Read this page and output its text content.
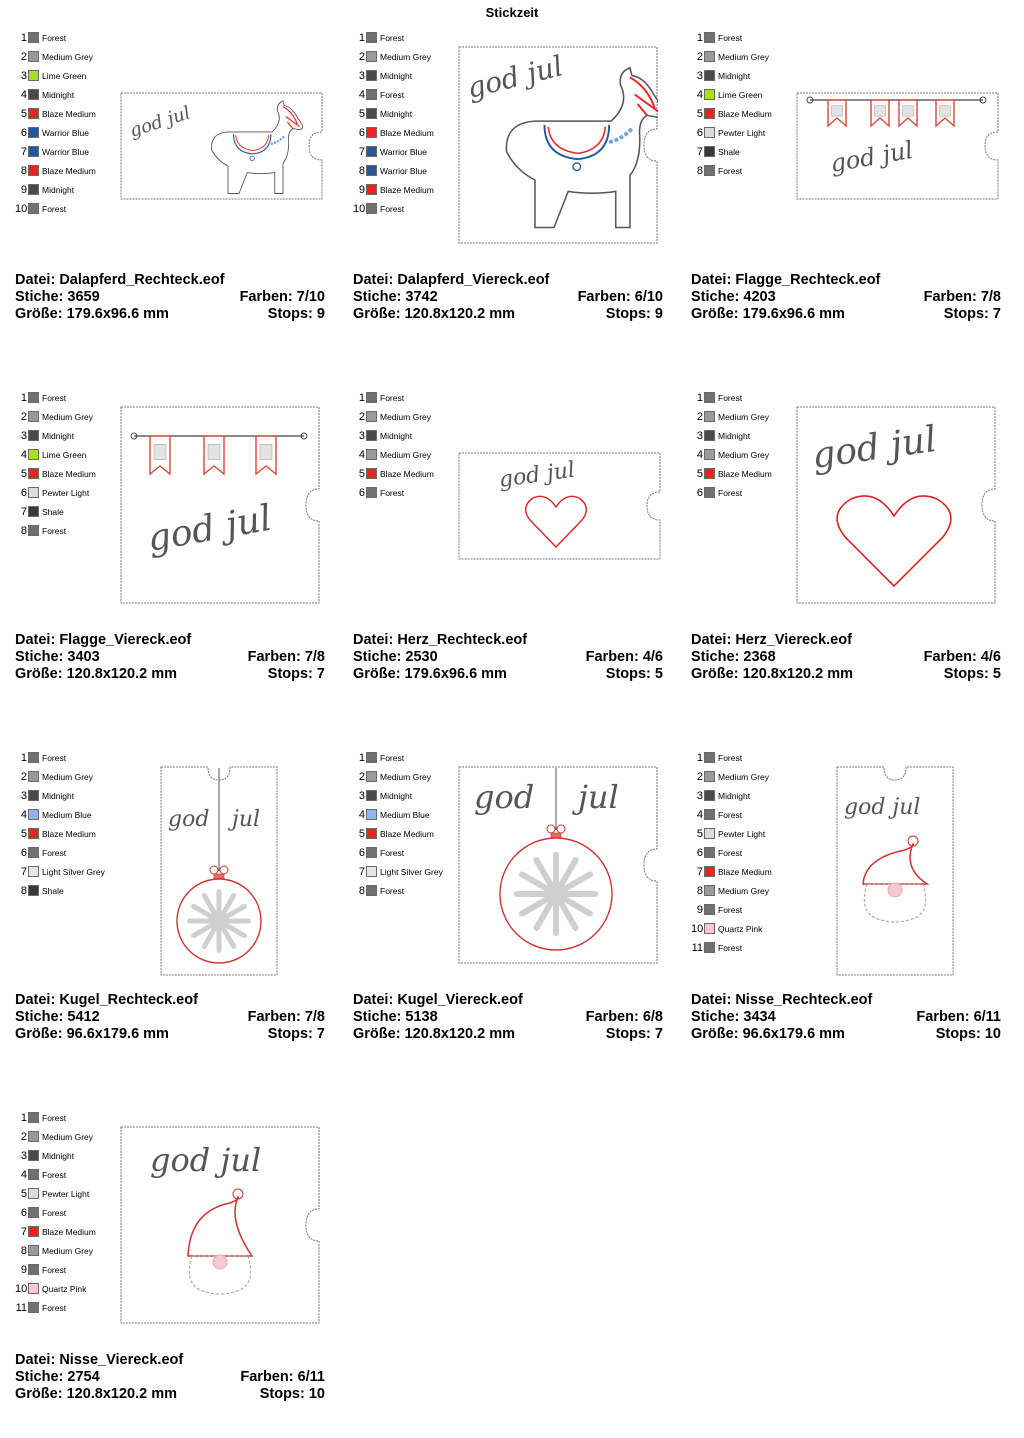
Stickzeit
1 Forest
2 Medium Grey
3 Lime Green
4 Midnight
5 Blaze Medium
6 Warrior Blue
7 Warrior Blue
8 Blaze Medium
9 Midnight
10 Forest
god jul
Datei: Dalapferd_Rechteck.eof
Stiche: 3659	Farben: 7/10
Größe: 179.6x96.6 mm	Stops: 9
1 Forest
2 Medium Grey
3 Midnight
4 Forest
5 Midnight
6 Blaze Medium
7 Warrior Blue
8 Warrior Blue
9 Blaze Medium
10 Forest
god jul
Datei: Dalapferd_Viereck.eof
Stiche: 3742	Farben: 6/10
Größe: 120.8x120.2 mm	Stops: 9
1 Forest
2 Medium Grey
3 Midnight
4 Lime Green
5 Blaze Medium
6 Pewter Light
7 Shale
8 Forest	god jul
Datei: Flagge_Rechteck.eof
Stiche: 4203	Farben: 7/8
Größe: 179.6x96.6 mm	Stops: 7
1 Forest
2 Medium Grey
3 Midnight
4 Lime Green
5 Blaze Medium
6 Pewter Light
7 Shale
8 Forest god jul
Datei: Flagge_Viereck.eof
Stiche: 3403	Farben: 7/8
Größe: 120.8x120.2 mm	Stops: 7
1 Forest
2 Medium Grey
3 Midnight
4 Medium Grey
5 Blaze Medium
6 Forest	god jul
Datei: Herz_Rechteck.eof
Stiche: 2530	Farben: 4/6
Größe: 179.6x96.6 mm	Stops: 5
1 Forest
2 Medium Grey
3 Midnight
4 Medium Grey
5 Blaze Medium
6 Forest
god jul
Datei: Herz_Viereck.eof
Stiche: 2368	Farben: 4/6
Größe: 120.8x120.2 mm	Stops: 5
1 Forest
2 Medium Grey
3 Midnight
4 Medium Blue
5 Blaze Medium
6 Forest
7 Light Silver Grey
8 Shale
god jul
Datei: Kugel_Rechteck.eof
Stiche: 5412	Farben: 7/8
Größe: 96.6x179.6 mm	Stops: 7
1 Forest
2 Medium Grey
3 Midnight
4 Medium Blue
5 Blaze Medium
6 Forest
7 Light Silver Grey
8 Forest
god jul
Datei: Kugel_Viereck.eof
Stiche: 5138	Farben: 6/8
Größe: 120.8x120.2 mm	Stops: 7
1 Forest
2 Medium Grey
3 Midnight
4 Forest
5 Pewter Light
6 Forest
7 Blaze Medium
8 Medium Grey
9 Forest
10 Quartz Pink
11 Forest
god jul
Datei: Nisse_Rechteck.eof
Stiche: 3434	Farben: 6/11
Größe: 96.6x179.6 mm	Stops: 10
1 Forest
2 Medium Grey
3 Midnight
4 Forest
5 Pewter Light
6 Forest
7 Blaze Medium
8 Medium Grey
9 Forest
10 Quartz Pink
11 Forest
god jul
Datei: Nisse_Viereck.eof
Stiche: 2754	Farben: 6/11
Größe: 120.8x120.2 mm	Stops: 10
